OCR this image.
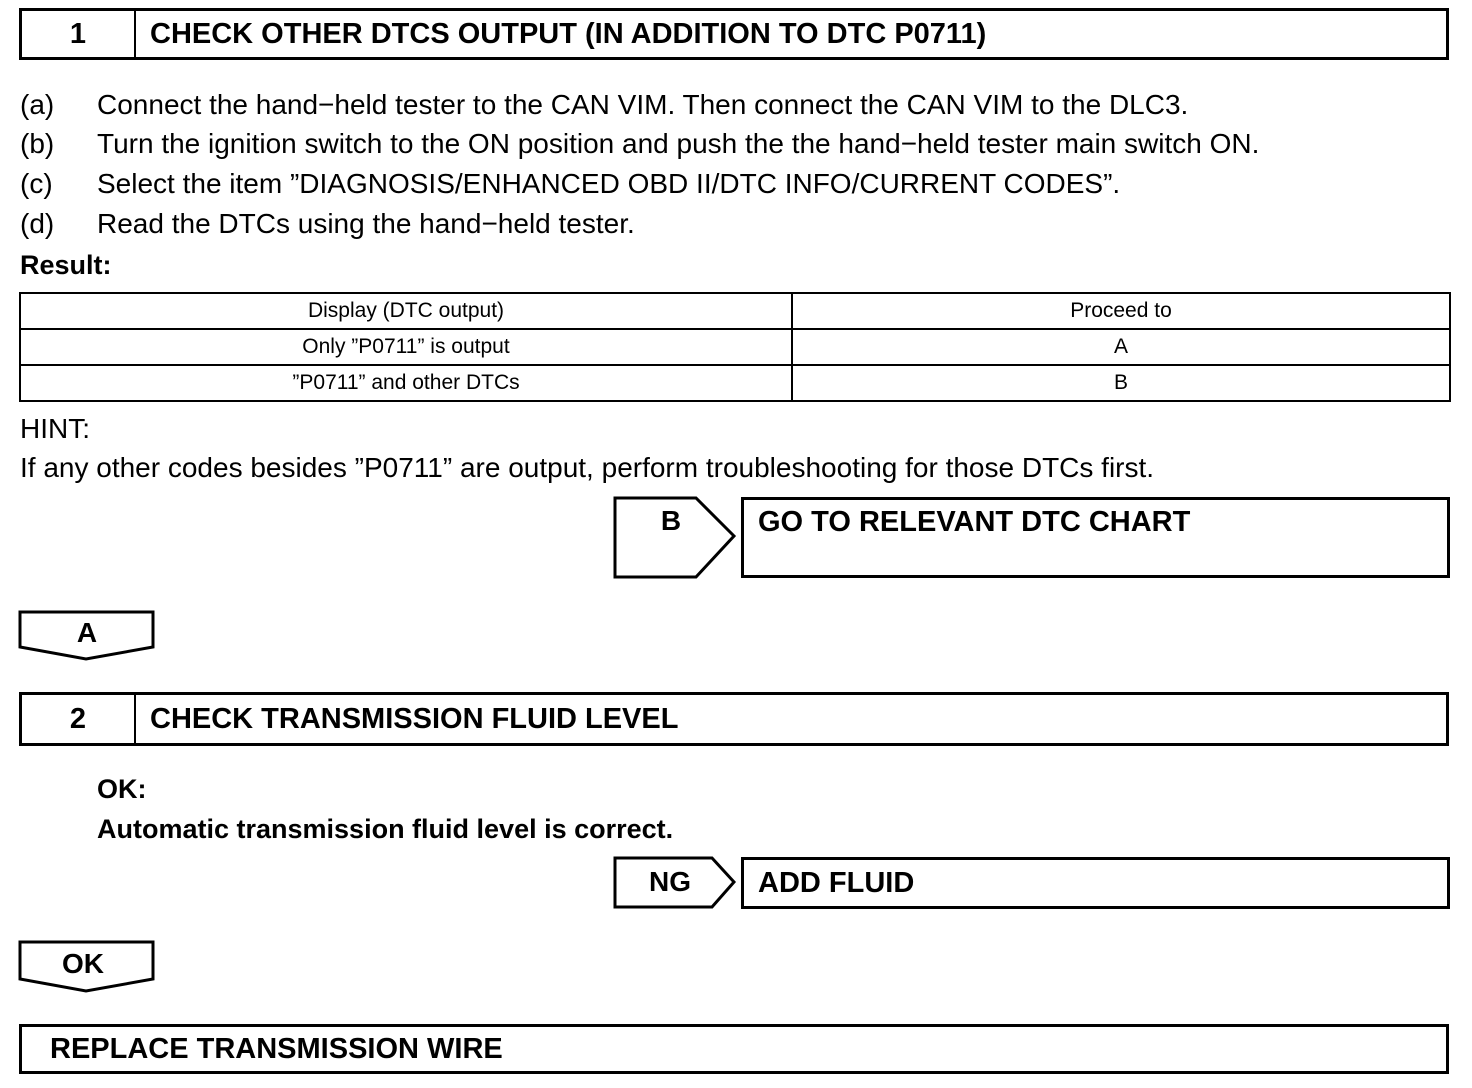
1	CHECK OTHER DTCS OUTPUT (IN ADDITION TO DTC P0711)
(a) Connect the hand−held tester to the CAN VIM. Then connect the CAN VIM to the DLC3.
(b) Turn the ignition switch to the ON position and push the the hand−held tester main switch ON.
(c) Select the item ”DIAGNOSIS/ENHANCED OBD II/DTC INFO/CURRENT CODES”.
(d) Read the DTCs using the hand−held tester.
Result:
Display (DTC output)	Proceed to
Only ”P0711” is output	A
”P0711” and other DTCs	B
HINT:
If any other codes besides ”P0711” are output, perform troubleshooting for those DTCs first.
B	GO TO RELEVANT DTC CHART
A
2	CHECK TRANSMISSION FLUID LEVEL
OK:
Automatic transmission fluid level is correct.
NG	ADD FLUID
OK
REPLACE TRANSMISSION WIRE
